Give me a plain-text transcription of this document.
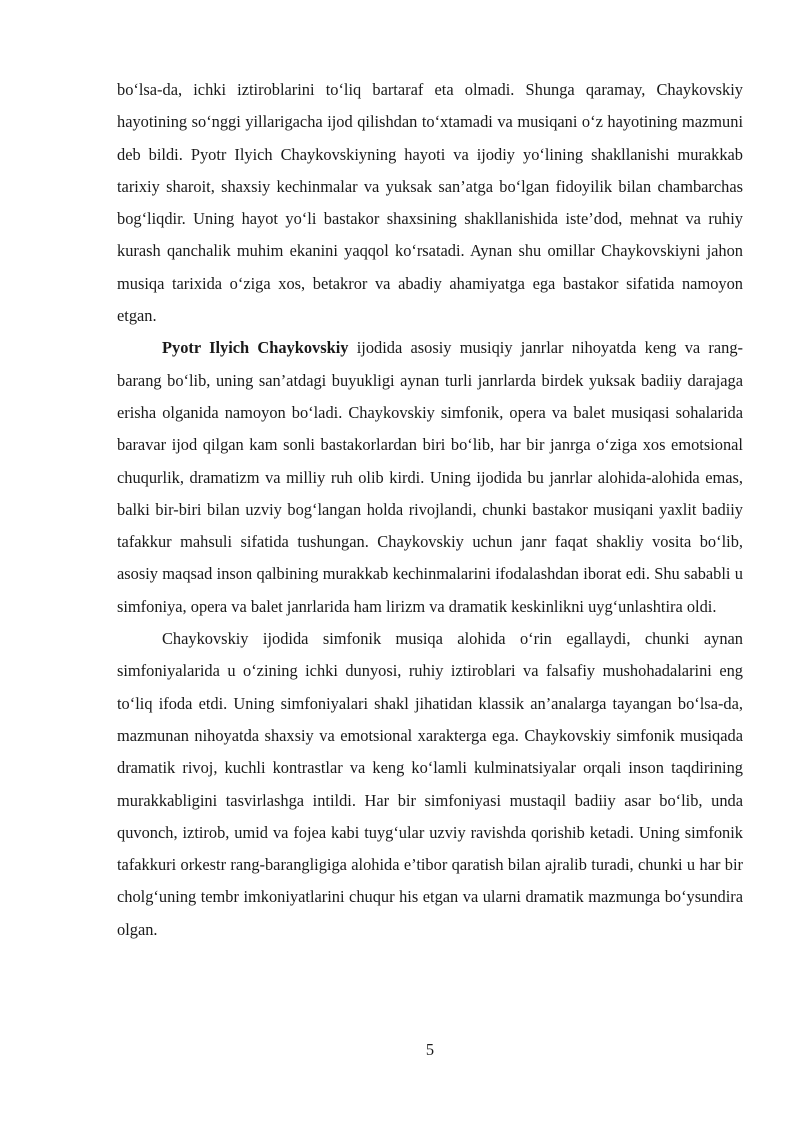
bo‘lsa-da, ichki iztiroblarini to‘liq bartaraf eta olmadi. Shunga qaramay, Chaykovskiy hayotining so‘nggi yillarigacha ijod qilishdan to‘xtamadi va musiqani o‘z hayotining mazmuni deb bildi. Pyotr Ilyich Chaykovskiyning hayoti va ijodiy yo‘lining shakllanishi murakkab tarixiy sharoit, shaxsiy kechinmalar va yuksak san’atga bo‘lgan fidoyilik bilan chambarchas bog‘liqdir. Uning hayot yo‘li bastakor shaxsining shakllanishida iste’dod, mehnat va ruhiy kurash qanchalik muhim ekanini yaqqol ko‘rsatadi. Aynan shu omillar Chaykovskiyni jahon musiqa tarixida o‘ziga xos, betakror va abadiy ahamiyatga ega bastakor sifatida namoyon etgan.

Pyotr Ilyich Chaykovskiy ijodida asosiy musiqiy janrlar nihoyatda keng va rang-barang bo‘lib, uning san’atdagi buyukligi aynan turli janrlarda birdek yuksak badiiy darajaga erisha olganida namoyon bo‘ladi. Chaykovskiy simfonik, opera va balet musiqasi sohalarida baravar ijod qilgan kam sonli bastakorlardan biri bo‘lib, har bir janrga o‘ziga xos emotsional chuqurlik, dramatizm va milliy ruh olib kirdi. Uning ijodida bu janrlar alohida-alohida emas, balki bir-biri bilan uzviy bog‘langan holda rivojlandi, chunki bastakor musiqani yaxlit badiiy tafakkur mahsuli sifatida tushungan. Chaykovskiy uchun janr faqat shakliy vosita bo‘lib, asosiy maqsad inson qalbining murakkab kechinmalarini ifodalashdan iborat edi. Shu sababli u simfoniya, opera va balet janrlarida ham lirizm va dramatik keskinlikni uyg‘unlashtira oldi.

Chaykovskiy ijodida simfonik musiqa alohida o‘rin egallaydi, chunki aynan simfoniyalarida u o‘zining ichki dunyosi, ruhiy iztiroblari va falsafiy mushohadalarini eng to‘liq ifoda etdi. Uning simfoniyalari shakl jihatidan klassik an’analarga tayangan bo‘lsa-da, mazmunan nihoyatda shaxsiy va emotsional xarakterga ega. Chaykovskiy simfonik musiqada dramatik rivoj, kuchli kontrastlar va keng ko‘lamli kulminatsiyalar orqali inson taqdirining murakkabligini tasvirlashga intildi. Har bir simfoniyasi mustaqil badiiy asar bo‘lib, unda quvonch, iztirob, umid va fojea kabi tuyg‘ular uzviy ravishda qorishib ketadi. Uning simfonik tafakkuri orkestr rang-barangligiga alohida e’tibor qaratish bilan ajralib turadi, chunki u har bir cholg‘uning tembr imkoniyatlarini chuqur his etgan va ularni dramatik mazmunga bo‘ysundira olgan.

5
